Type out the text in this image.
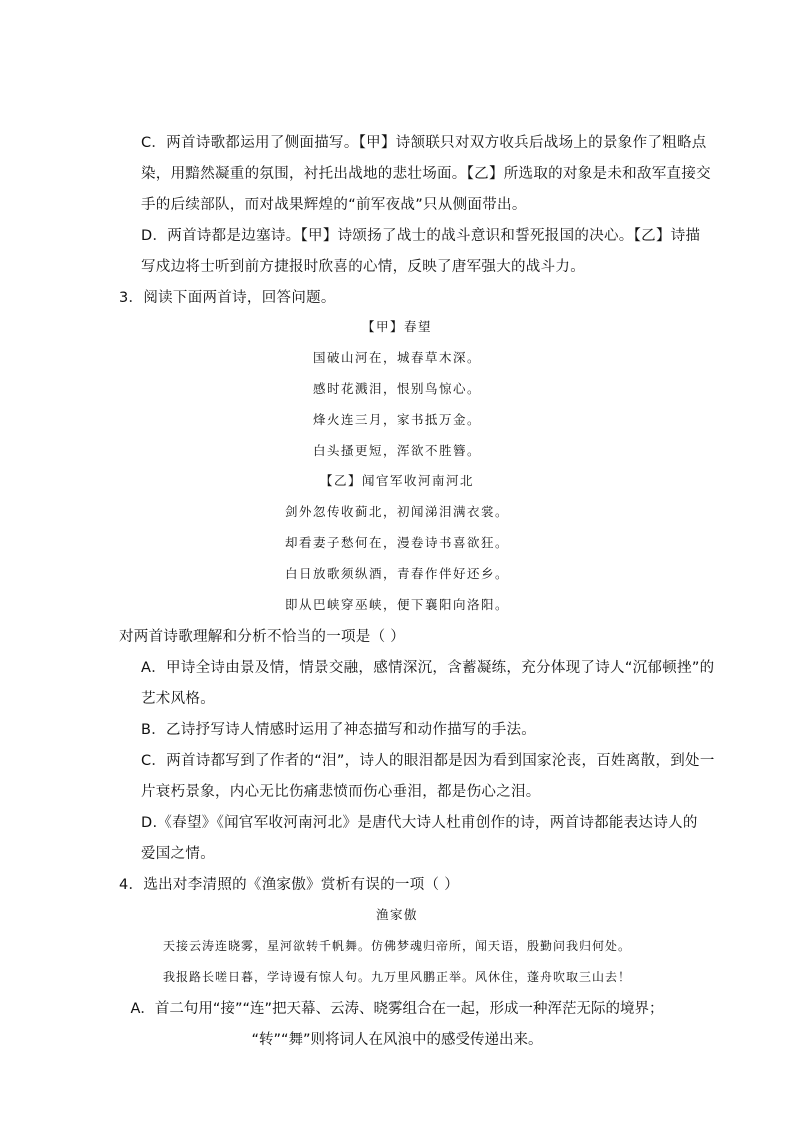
C．两首诗歌都运用了侧面描写。【甲】诗颔联只对双方收兵后战场上的景象作了粗略点
染，用黯然凝重的氛围，衬托出战地的悲壮场面。【乙】所选取的对象是未和敌军直接交
手的后续部队，而对战果辉煌的“前军夜战”只从侧面带出。
D．两首诗都是边塞诗。【甲】诗颂扬了战士的战斗意识和誓死报国的决心。【乙】诗描
写戍边将士听到前方捷报时欣喜的心情，反映了唐军强大的战斗力。
3．阅读下面两首诗，回答问题。
【甲】春望
国破山河在，城春草木深。
感时花溅泪，恨别鸟惊心。
烽火连三月，家书抵万金。
白头搔更短，浑欲不胜簪。
【乙】闻官军收河南河北
剑外忽传收蓟北，初闻涕泪满衣裳。
却看妻子愁何在，漫卷诗书喜欲狂。
白日放歌须纵酒，青春作伴好还乡。
即从巴峡穿巫峡，便下襄阳向洛阳。
对两首诗歌理解和分析不恰当的一项是（ ）
A．甲诗全诗由景及情，情景交融，感情深沉，含蓄凝练，充分体现了诗人“沉郁顿挫”的
艺术风格。
B．乙诗抒写诗人情感时运用了神态描写和动作描写的手法。
C．两首诗都写到了作者的“泪”，诗人的眼泪都是因为看到国家沦丧，百姓离散，到处一
片衰朽景象，内心无比伤痛悲愤而伤心垂泪，都是伤心之泪。
D.《春望》《闻官军收河南河北》是唐代大诗人杜甫创作的诗，两首诗都能表达诗人的
爱国之情。
4．选出对李清照的《渔家傲》赏析有误的一项（ ）
渔家傲
天接云涛连晓雾，星河欲转千帆舞。仿佛梦魂归帝所，闻天语，殷勤问我归何处。
我报路长嗟日暮，学诗谩有惊人句。九万里风鹏正举。风休住，蓬舟吹取三山去！
A．首二句用“接”“连”把天幕、云涛、晓雾组合在一起，形成一种浑茫无际的境界；
“转”“舞”则将词人在风浪中的感受传递出来。
